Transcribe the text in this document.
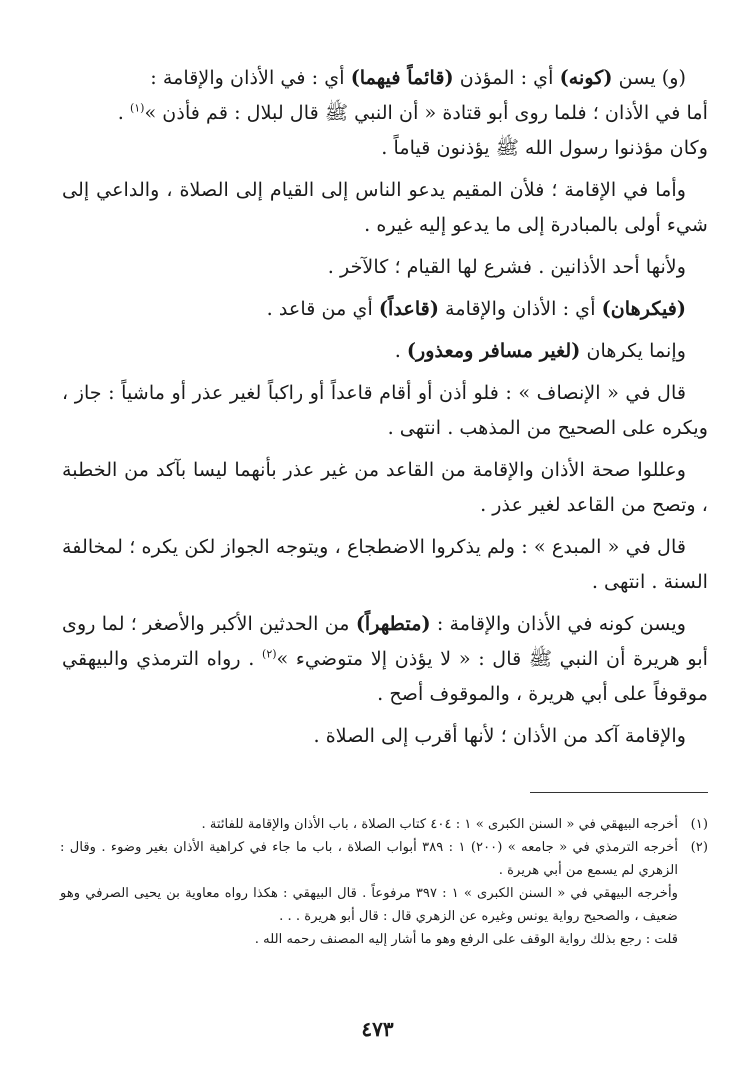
(و) يسن (كونه) أي : المؤذن (قائماً فيهما) أي : في الأذان والإقامة :
أما في الأذان ؛ فلما روى أبو قتادة « أن النبي ﷺ قال لبلال : قم فأذن »$^{(١)}$ .
وكان مؤذنوا رسول الله ﷺ يؤذنون قياماً .

وأما في الإقامة ؛ فلأن المقيم يدعو الناس إلى القيام إلى الصلاة ، والداعي إلى شيء أولى بالمبادرة إلى ما يدعو إليه غيره .

ولأنها أحد الأذانين . فشرع لها القيام ؛ كالآخر .

(فيكرهان) أي : الأذان والإقامة (قاعداً) أي من قاعد .

وإنما يكرهان (لغير مسافر ومعذور) .

قال في « الإنصاف » : فلو أذن أو أقام قاعداً أو راكباً لغير عذر أو ماشياً : جاز ، ويكره على الصحيح من المذهب . انتهى .

وعللوا صحة الأذان والإقامة من القاعد من غير عذر بأنهما ليسا بآكد من الخطبة ، وتصح من القاعد لغير عذر .

قال في « المبدع » : ولم يذكروا الاضطجاع ، ويتوجه الجواز لكن يكره ؛ لمخالفة السنة . انتهى .

ويسن كونه في الأذان والإقامة : (متطهراً) من الحدثين الأكبر والأصغر ؛ لما روى أبو هريرة أن النبي ﷺ قال : « لا يؤذن إلا متوضيء »$^{(٢)}$ . رواه الترمذي والبيهقي موقوفاً على أبي هريرة ، والموقوف أصح .

والإقامة آكد من الأذان ؛ لأنها أقرب إلى الصلاة .

(١)
أخرجه البيهقي في « السنن الكبرى » ١ : ٤٠٤ كتاب الصلاة ، باب الأذان والإقامة للفائتة .
(٢)
أخرجه الترمذي في « جامعه » (٢٠٠) ١ : ٣٨٩ أبواب الصلاة ، باب ما جاء في كراهية الأذان بغير وضوء . وقال : الزهري لم يسمع من أبي هريرة .
وأخرجه البيهقي في « السنن الكبرى » ١ : ٣٩٧ مرفوعاً . قال البيهقي : هكذا رواه معاوية بن يحيى الصرفي وهو ضعيف ، والصحيح رواية يونس وغيره عن الزهري قال : قال أبو هريرة . . .
قلت : رجع بذلك رواية الوقف على الرفع وهو ما أشار إليه المصنف رحمه الله .
٤٧٣
